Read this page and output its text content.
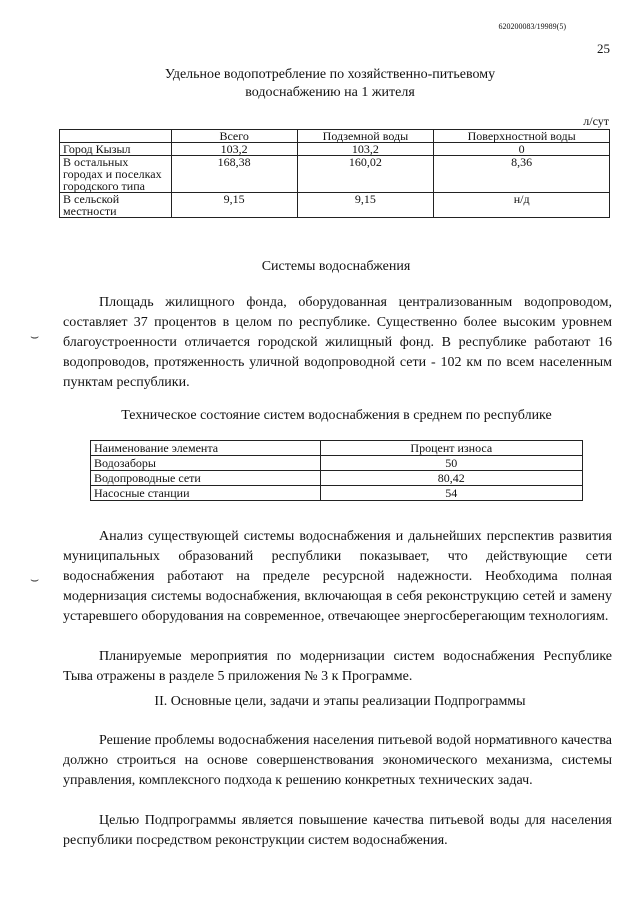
620200083/19989(5)
25
Удельное водопотребление по хозяйственно-питьевому
водоснабжению на 1 жителя
л/сут
	Всего	Подземной воды	Поверхностной воды
Город Кызыл	103,2	103,2	0
В остальных городах и поселках городского типа	168,38	160,02	8,36
В сельской местности	9,15	9,15	н/д
Системы водоснабжения
Площадь жилищного фонда, оборудованная централизованным водопроводом, составляет 37 процентов в целом по республике. Существенно более высоким уровнем благоустроенности отличается городской жилищный фонд. В республике работают 16 водопроводов, протяженность уличной водопроводной сети - 102 км по всем населенным пунктам республики.
⌣
Техническое состояние систем водоснабжения в среднем по республике
Наименование элемента	Процент износа
Водозаборы	50
Водопроводные сети	80,42
Насосные станции	54
Анализ существующей системы водоснабжения и дальнейших перспектив развития муниципальных образований республики показывает, что действующие сети водоснабжения работают на пределе ресурсной надежности. Необходима полная модернизация системы водоснабжения, включающая в себя реконструкцию сетей и замену устаревшего оборудования на современное, отвечающее энергосберегающим технологиям.
⌣
Планируемые мероприятия по модернизации систем водоснабжения Республике Тыва отражены в разделе 5 приложения № 3 к Программе.
II. Основные цели, задачи и этапы реализации Подпрограммы
Решение проблемы водоснабжения населения питьевой водой нормативного качества должно строиться на основе совершенствования экономического механизма, системы управления, комплексного подхода к решению конкретных технических задач.
Целью Подпрограммы является повышение качества питьевой воды для населения республики посредством реконструкции систем водоснабжения.
